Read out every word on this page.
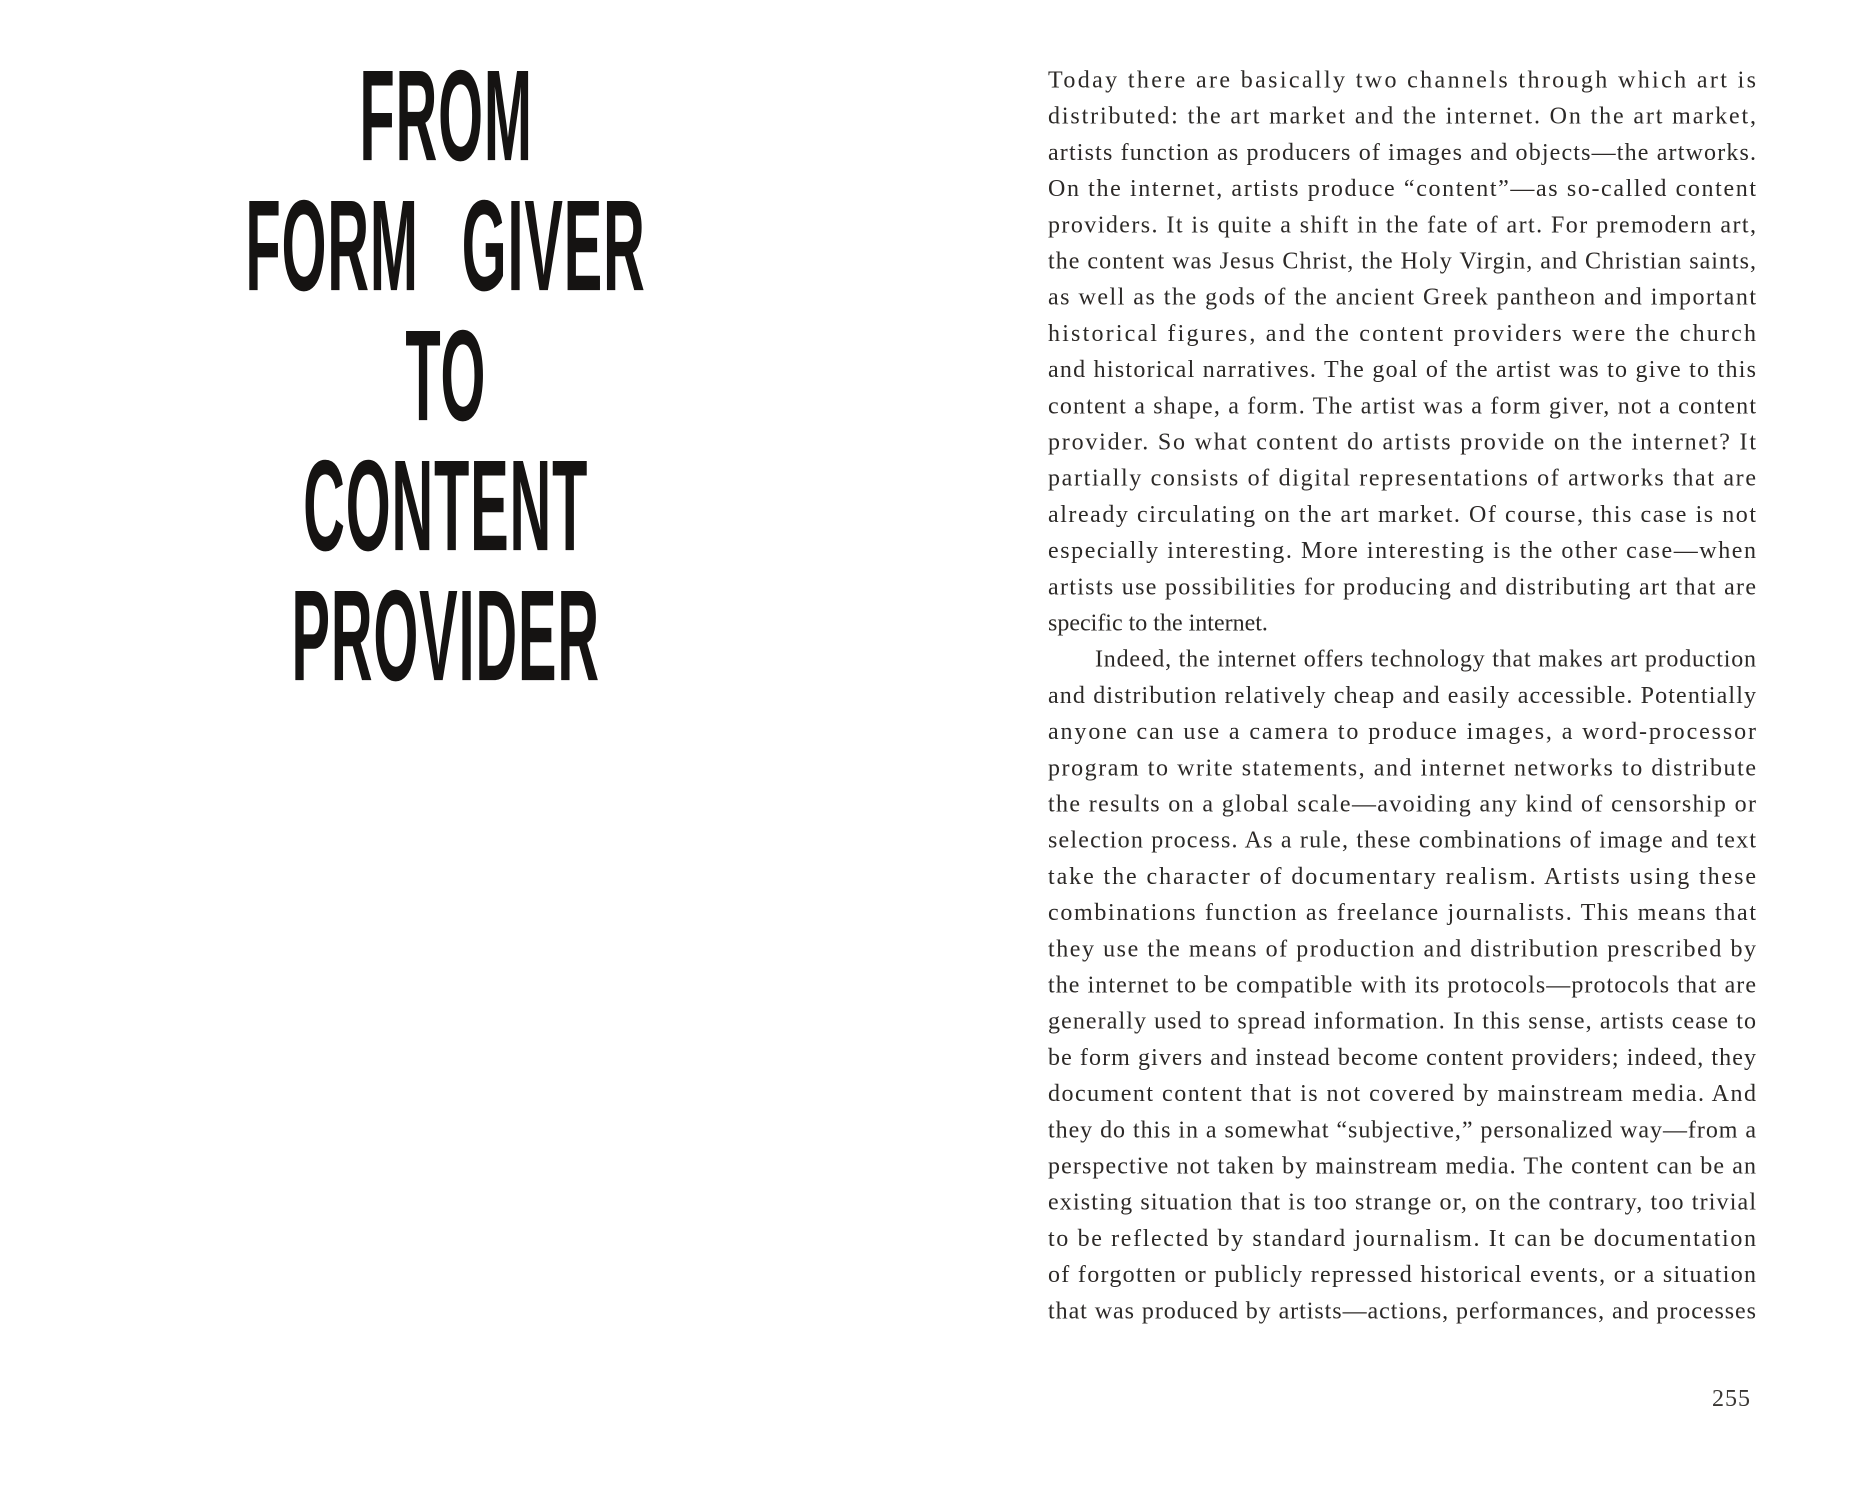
FROM
FORM GIVER
TO
CONTENT
PROVIDER
Today there are basically two channels through which art is
distributed: the art market and the internet. On the art market,
artists function as producers of images and objects—the artworks.
On the internet, artists produce “content”—as so-called content
providers. It is quite a shift in the fate of art. For premodern art,
the content was Jesus Christ, the Holy Virgin, and Christian saints,
as well as the gods of the ancient Greek pantheon and important
historical figures, and the content providers were the church
and historical narratives. The goal of the artist was to give to this
content a shape, a form. The artist was a form giver, not a content
provider. So what content do artists provide on the internet? It
partially consists of digital representations of artworks that are
already circulating on the art market. Of course, this case is not
especially interesting. More interesting is the other case—when
artists use possibilities for producing and distributing art that are
specific to the internet.
Indeed, the internet offers technology that makes art production
and distribution relatively cheap and easily accessible. Potentially
anyone can use a camera to produce images, a word-processor
program to write statements, and internet networks to distribute
the results on a global scale—avoiding any kind of censorship or
selection process. As a rule, these combinations of image and text
take the character of documentary realism. Artists using these
combinations function as freelance journalists. This means that
they use the means of production and distribution prescribed by
the internet to be compatible with its protocols—protocols that are
generally used to spread information. In this sense, artists cease to
be form givers and instead become content providers; indeed, they
document content that is not covered by mainstream media. And
they do this in a somewhat “subjective,” personalized way—from a
perspective not taken by mainstream media. The content can be an
existing situation that is too strange or, on the contrary, too trivial
to be reflected by standard journalism. It can be documentation
of forgotten or publicly repressed historical events, or a situation
that was produced by artists—actions, performances, and processes
255
